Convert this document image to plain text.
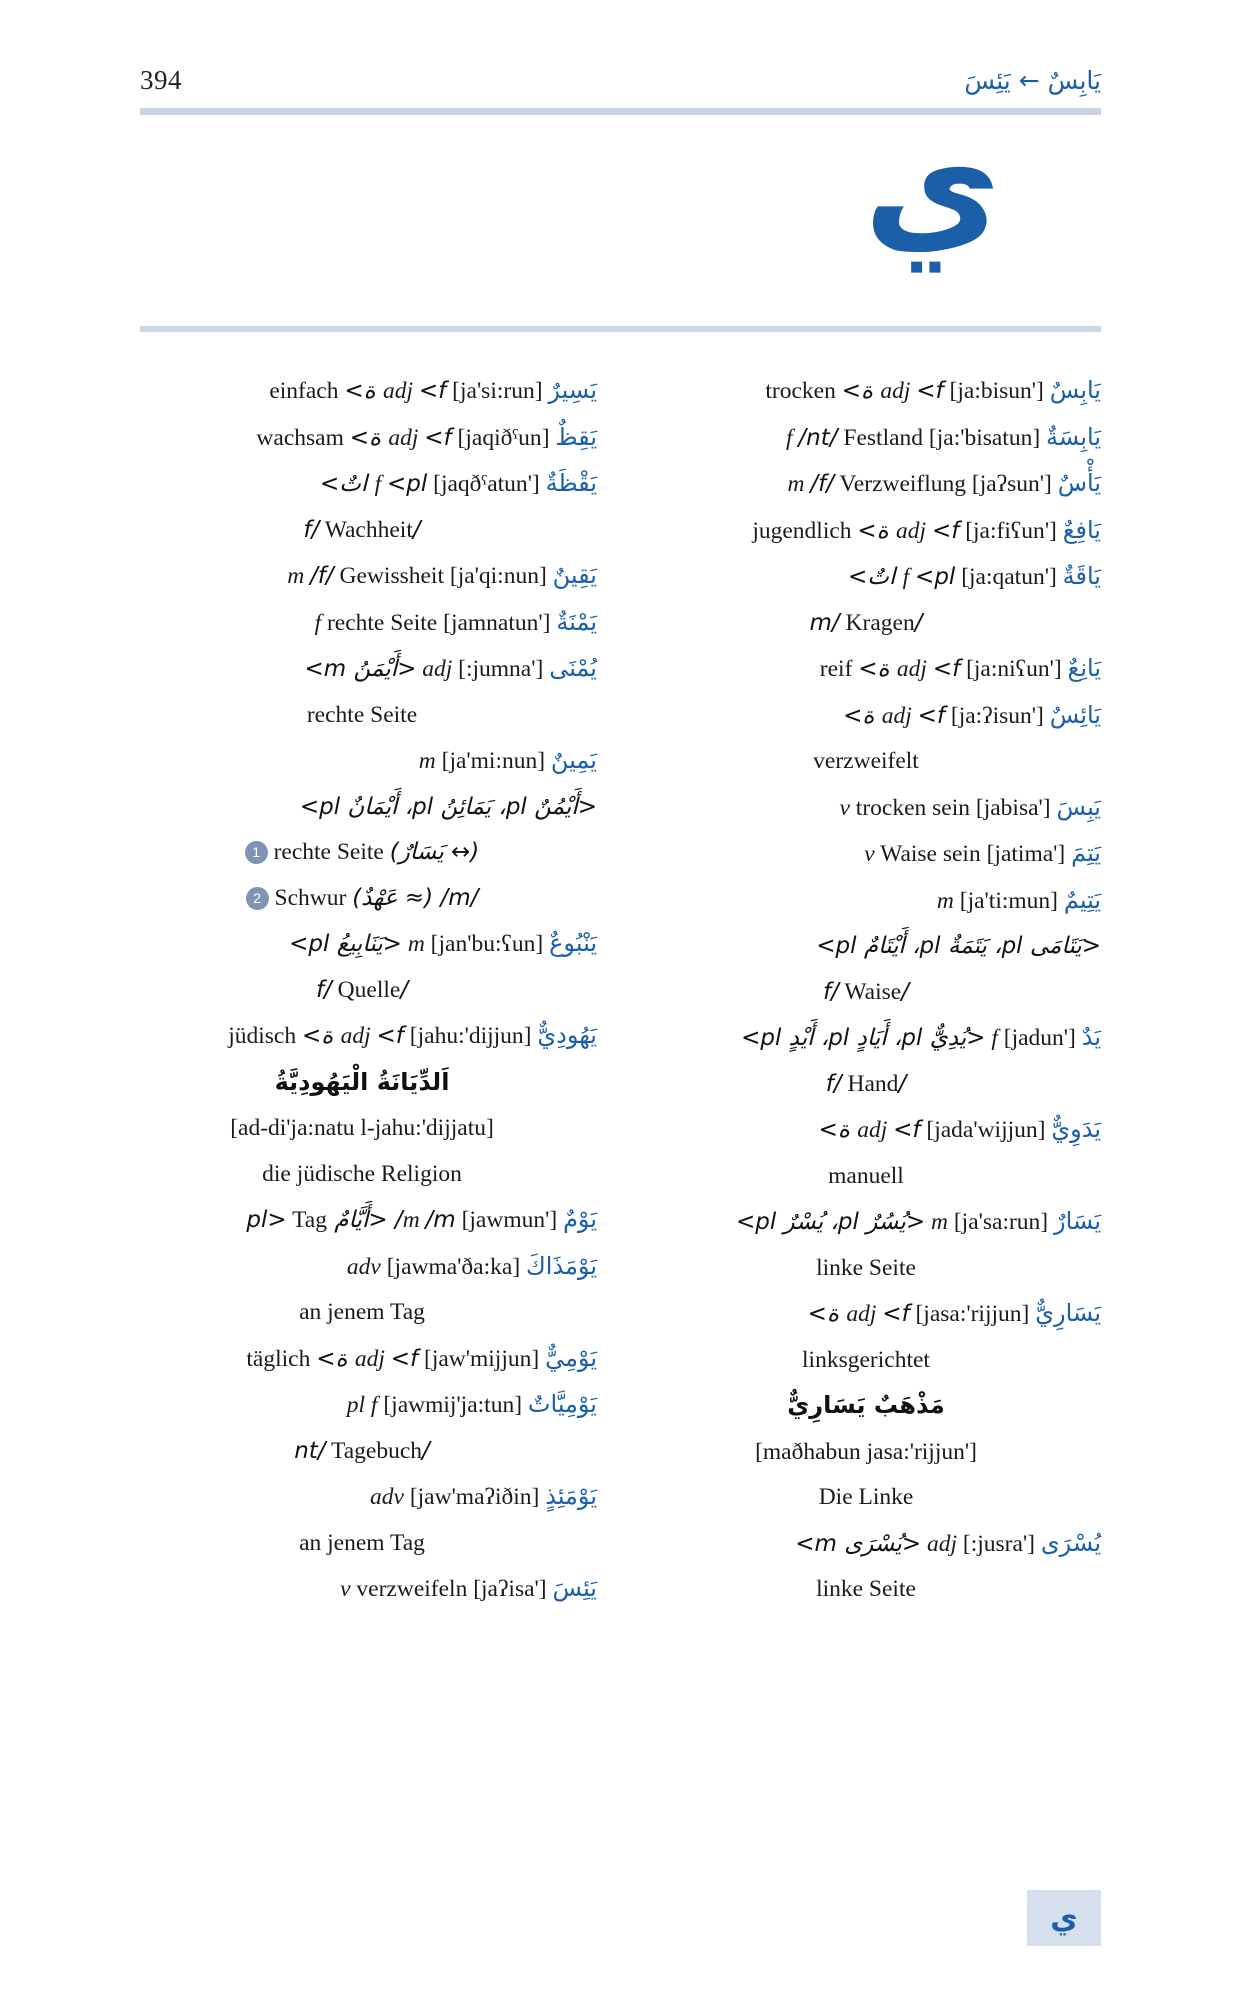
394	يَابِسٌ ← يَئِسَ
ي
يَابِسٌ ['ja:bisun] adj <f ة> trocken
يَابِسَةٌ [ja:'bisatun] f /nt/ Festland
يَأْسٌ ['jaʔsun] m /f/ Verzweiflung
يَافِعٌ ['ja:fiʕun] adj <f ة> jugendlich
يَاقَةٌ ['ja:qatun] f <pl اتٌ>
/m/ Kragen
يَانِعٌ ['ja:niʕun] adj <f ة> reif
يَائِسٌ ['ja:ʔisun] adj <f ة>
verzweifelt
يَبِسَ ['jabisa] v trocken sein
يَتِمَ ['jatima] v Waise sein
يَتِيمٌ [ja'ti:mun] m
<يَتَامَى pl، يَتَمَةٌ pl، أَيْتَامٌ pl>
/f/ Waise
يَدٌ ['jadun] f <يُدِيٌّ pl، أَيَادٍ pl، أَيْدٍ pl>
/f/ Hand
يَدَوِيٌّ [jada'wijjun] adj <f ة>
manuell
يَسَارٌ [ja'sa:run] m <يُسُرٌ pl، يُسْرٌ pl>
linke Seite
يَسَارِيٌّ [jasa:'rijjun] adj <f ة>
linksgerichtet
مَذْهَبٌ يَسَارِيٌّ
['maðhabun jasa:'rijjun]
Die Linke
يُسْرَى ['jusra:] adj <يُسْرَى m>
linke Seite
يَسِيرٌ [ja'si:run] adj <f ة> einfach
يَقِظٌ [jaqiðˤun] adj <f ة> wachsam
يَقْظَةٌ ['jaqðˤatun] f <pl اتٌ>
/f/ Wachheit
يَقِينٌ [ja'qi:nun] m /f/ Gewissheit
يَمْنَةٌ ['jamnatun] f rechte Seite
يُمْنَى ['jumna:] adj <أَيْمَنُ m>
rechte Seite
يَمِينٌ [ja'mi:nun] m
<أَيْمُنٌ pl، يَمَائِنُ pl، أَيْمَانٌ pl>
(↔ يَسَارٌ) rechte Seite 1
/m/ (≈ عَهْدٌ) Schwur 2
يَنْبُوعٌ [jan'bu:ʕun] m <يَنَابِيعُ pl>
/f/ Quelle
يَهُودِيٌّ [jahu:'dijjun] adj <f ة> jüdisch
اَلدِّيَانَةُ الْيَهُودِيَّةُ
[ad-di'ja:natu l-jahu:'dijjatu]
die jüdische Religion
يَوْمٌ ['jawmun] m /m/ <أَيَّامٌ pl> Tag
يَوْمَذَاكَ [jawma'ða:ka] adv
an jenem Tag
يَوْمِيٌّ [jaw'mijjun] adj <f ة> täglich
يَوْمِيَّاتٌ [jawmij'ja:tun] pl f
/nt/ Tagebuch
يَوْمَئِذٍ [jaw'maʔiðin] adv
an jenem Tag
يَئِسَ ['jaʔisa] v verzweifeln
ي
